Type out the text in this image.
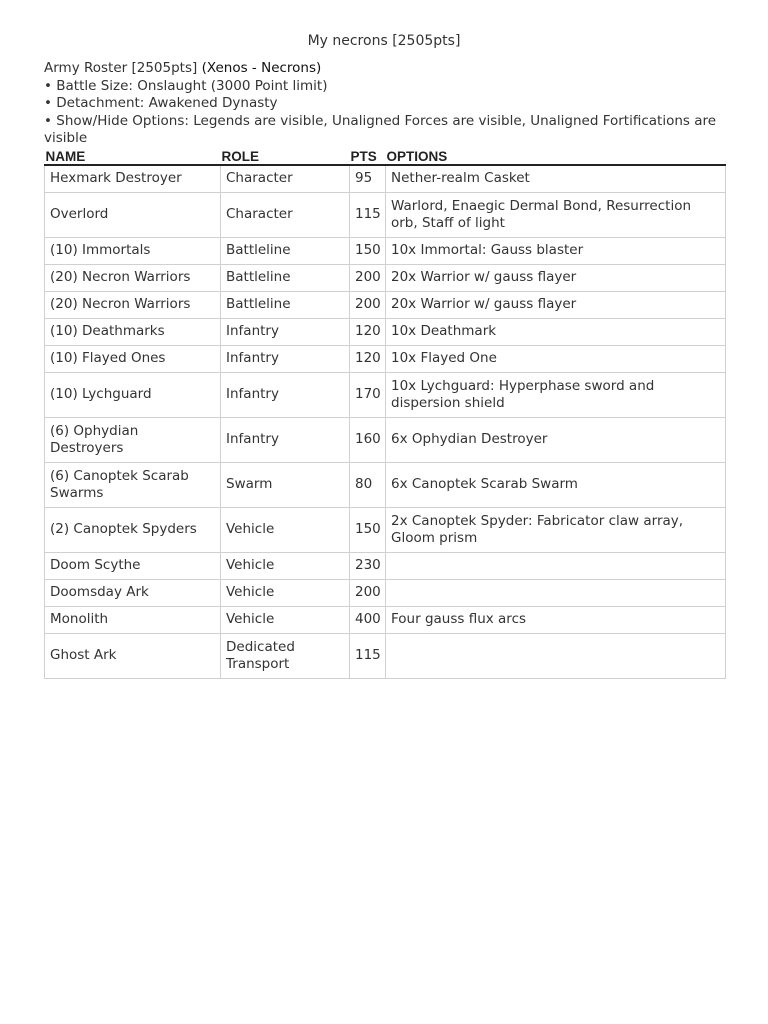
My necrons [2505pts]

Army Roster [2505pts] (Xenos - Necrons)

• Battle Size: Onslaught (3000 Point limit)

• Detachment: Awakened Dynasty

• Show/Hide Options: Legends are visible, Unaligned Forces are visible, Unaligned Fortifications are visible

NAME	ROLE	PTS	OPTIONS
Hexmark Destroyer	Character	95	Nether-realm Casket
Overlord	Character	115	Warlord, Enaegic Dermal Bond, Resurrection orb, Staff of light
(10) Immortals	Battleline	150	10x Immortal: Gauss blaster
(20) Necron Warriors	Battleline	200	20x Warrior w/ gauss flayer
(20) Necron Warriors	Battleline	200	20x Warrior w/ gauss flayer
(10) Deathmarks	Infantry	120	10x Deathmark
(10) Flayed Ones	Infantry	120	10x Flayed One
(10) Lychguard	Infantry	170	10x Lychguard: Hyperphase sword and dispersion shield
(6) Ophydian Destroyers	Infantry	160	6x Ophydian Destroyer
(6) Canoptek Scarab Swarms	Swarm	80	6x Canoptek Scarab Swarm
(2) Canoptek Spyders	Vehicle	150	2x Canoptek Spyder: Fabricator claw array, Gloom prism
Doom Scythe	Vehicle	230	
Doomsday Ark	Vehicle	200	
Monolith	Vehicle	400	Four gauss flux arcs
Ghost Ark	Dedicated Transport	115	
